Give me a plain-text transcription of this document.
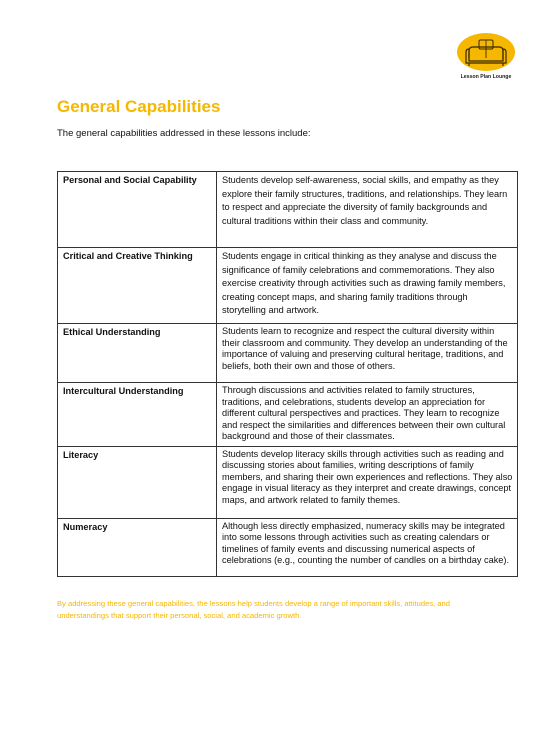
Lesson Plan Lounge
General Capabilities
The general capabilities addressed in these lessons include:
Personal and Social Capability	Students develop self-awareness, social skills, and empathy as they explore their family structures, traditions, and relationships. They learn to respect and appreciate the diversity of family backgrounds and cultural traditions within their class and community.
Critical and Creative Thinking	Students engage in critical thinking as they analyse and discuss the significance of family celebrations and commemorations. They also exercise creativity through activities such as drawing family members, creating concept maps, and sharing family traditions through storytelling and artwork.
Ethical Understanding	Students learn to recognize and respect the cultural diversity within their classroom and community. They develop an understanding of the importance of valuing and preserving cultural heritage, traditions, and beliefs, both their own and those of others.
Intercultural Understanding	Through discussions and activities related to family structures, traditions, and celebrations, students develop an appreciation for different cultural perspectives and practices. They learn to recognize and respect the similarities and differences between their own cultural background and those of their classmates.
Literacy	Students develop literacy skills through activities such as reading and discussing stories about families, writing descriptions of family members, and sharing their own experiences and reflections. They also engage in visual literacy as they interpret and create drawings, concept maps, and artwork related to family themes.
Numeracy	Although less directly emphasized, numeracy skills may be integrated into some lessons through activities such as creating calendars or timelines of family events and discussing numerical aspects of celebrations (e.g., counting the number of candles on a birthday cake).
By addressing these general capabilities, the lessons help students develop a range of important skills, attitudes, and understandings that support their personal, social, and academic growth.
